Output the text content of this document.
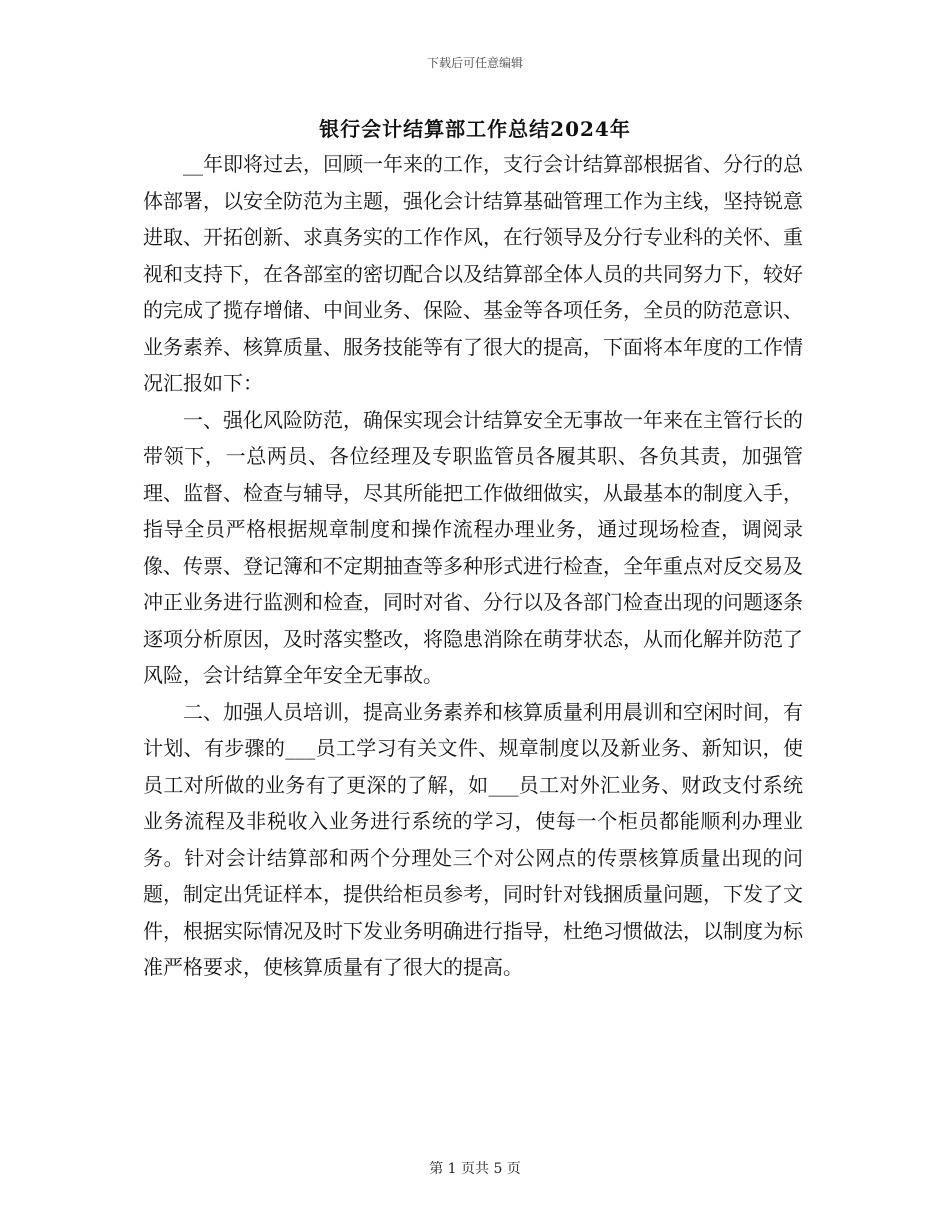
下载后可任意编辑
银行会计结算部工作总结2024年

__年即将过去，回顾一年来的工作，支行会计结算部根据省、分行的总体部署，以安全防范为主题，强化会计结算基础管理工作为主线，坚持锐意进取、开拓创新、求真务实的工作作风，在行领导及分行专业科的关怀、重视和支持下，在各部室的密切配合以及结算部全体人员的共同努力下，较好的完成了揽存增储、中间业务、保险、基金等各项任务，全员的防范意识、业务素养、核算质量、服务技能等有了很大的提高，下面将本年度的工作情况汇报如下：

一、强化风险防范，确保实现会计结算安全无事故一年来在主管行长的带领下，一总两员、各位经理及专职监管员各履其职、各负其责，加强管理、监督、检查与辅导，尽其所能把工作做细做实，从最基本的制度入手，指导全员严格根据规章制度和操作流程办理业务，通过现场检查，调阅录像、传票、登记簿和不定期抽查等多种形式进行检查，全年重点对反交易及冲正业务进行监测和检查，同时对省、分行以及各部门检查出现的问题逐条逐项分析原因，及时落实整改，将隐患消除在萌芽状态，从而化解并防范了风险，会计结算全年安全无事故。

二、加强人员培训，提高业务素养和核算质量利用晨训和空闲时间，有计划、有步骤的___员工学习有关文件、规章制度以及新业务、新知识，使员工对所做的业务有了更深的了解，如___员工对外汇业务、财政支付系统业务流程及非税收入业务进行系统的学习，使每一个柜员都能顺利办理业务。针对会计结算部和两个分理处三个对公网点的传票核算质量出现的问题，制定出凭证样本，提供给柜员参考，同时针对钱捆质量问题，下发了文件，根据实际情况及时下发业务明确进行指导，杜绝习惯做法，以制度为标准严格要求，使核算质量有了很大的提高。

第 1 页共 5 页
